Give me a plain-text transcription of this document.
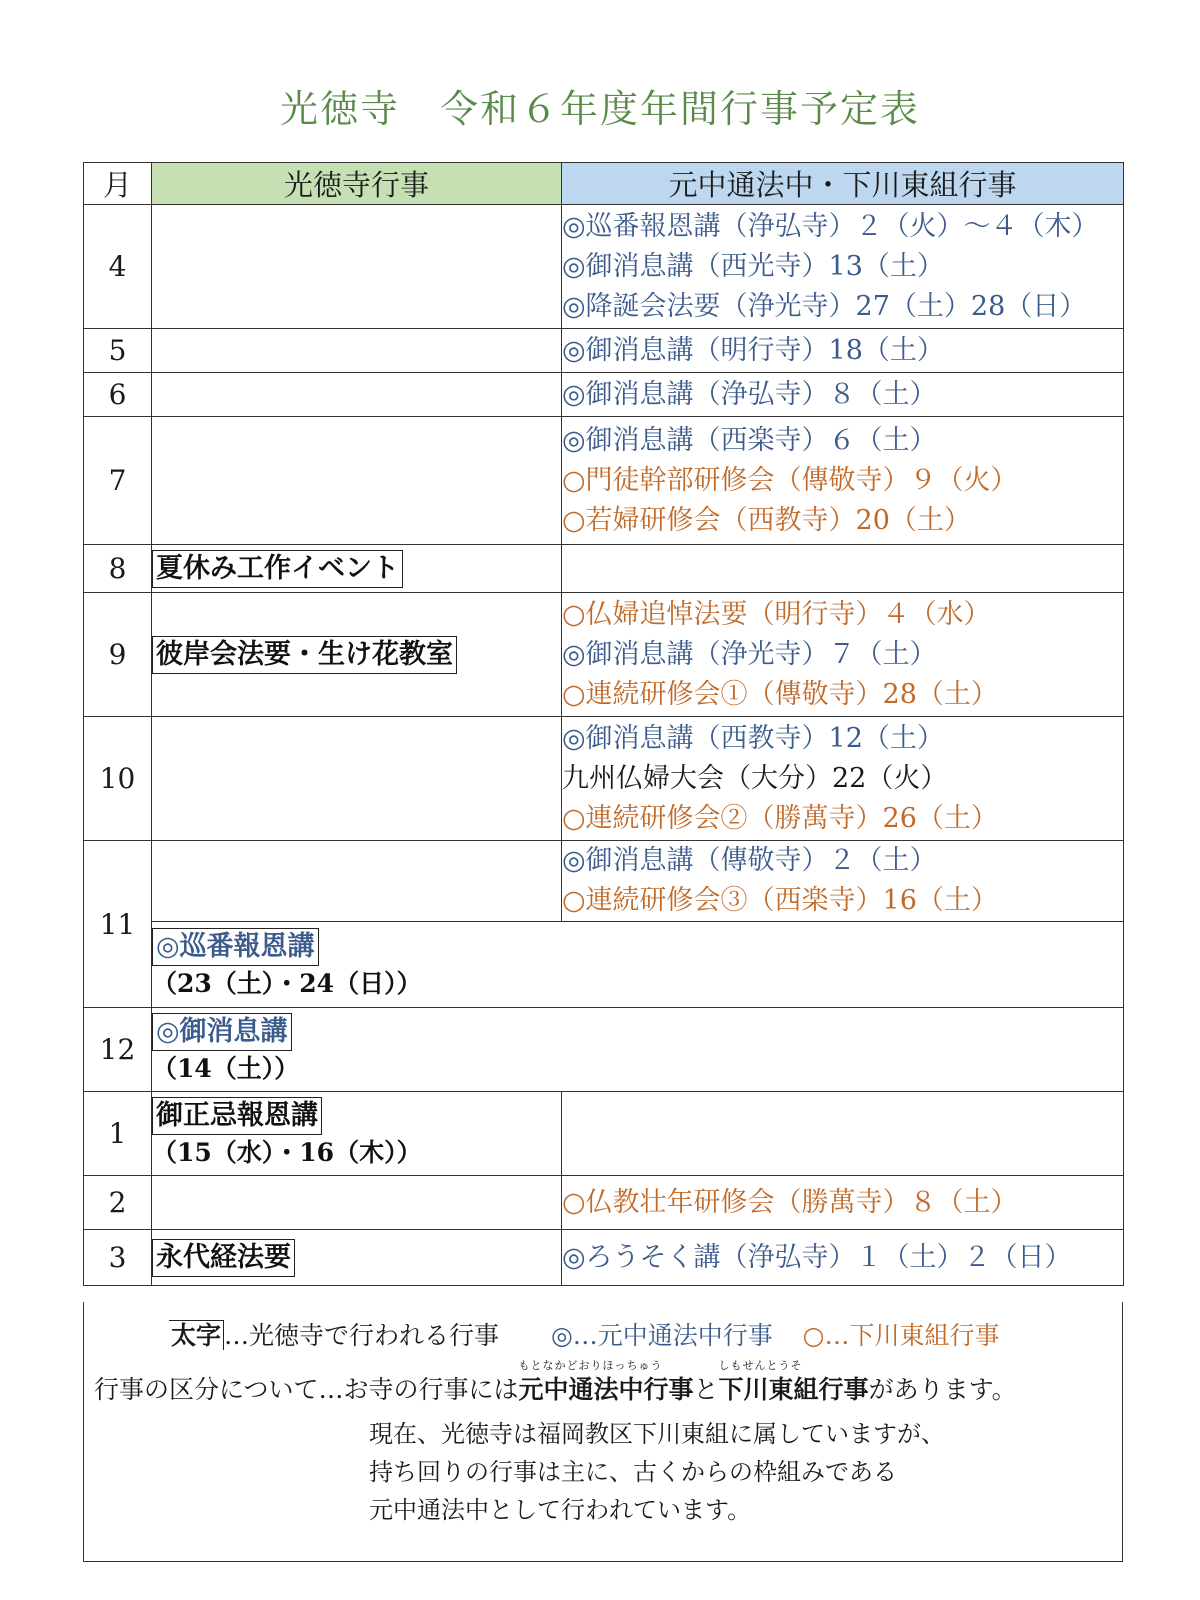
光徳寺　令和６年度年間行事予定表
月	光徳寺行事	元中通法中・下川東組行事
4		◎巡番報恩講（浄弘寺）２（火）～４（木）
◎御消息講（西光寺）13（土）
◎降誕会法要（浄光寺）27（土）28（日）

5		◎御消息講（明行寺）18（土）

6		◎御消息講（浄弘寺）８（土）

7		◎御消息講（西楽寺）６（土）
○門徒幹部研修会（傳敬寺）９（火）
○若婦研修会（西教寺）20（土）

8	夏休み工作イベント	
9	彼岸会法要・生け花教室	○仏婦追悼法要（明行寺）４（水）
◎御消息講（浄光寺）７（土）
○連続研修会①（傳敬寺）28（土）

10		◎御消息講（西教寺）12（土）
九州仏婦大会（大分）22（火）
○連続研修会②（勝萬寺）26（土）

11		◎御消息講（傳敬寺）２（土）
○連続研修会③（西楽寺）16（土）

	◎巡番報恩講
（23（土）・24（日））	

12	◎御消息講
（14（土））	

1	御正忌報恩講
（15（水）・16（木））	

2		○仏教壮年研修会（勝萬寺）８（土）

3	永代経法要	◎ろうそく講（浄弘寺）１（土）２（日）
太字 …光徳寺で行われる行事 ◎…元中通法中行事 ○…下川東組行事
行事の区分について…お寺の行事には
もとなかどおりほっちゅう
元中通法中行事と
しもせんとうそ
下川東組行事があります。
現在、光徳寺は福岡教区下川東組に属していますが、
持ち回りの行事は主に、古くからの枠組みである
元中通法中として行われています。
